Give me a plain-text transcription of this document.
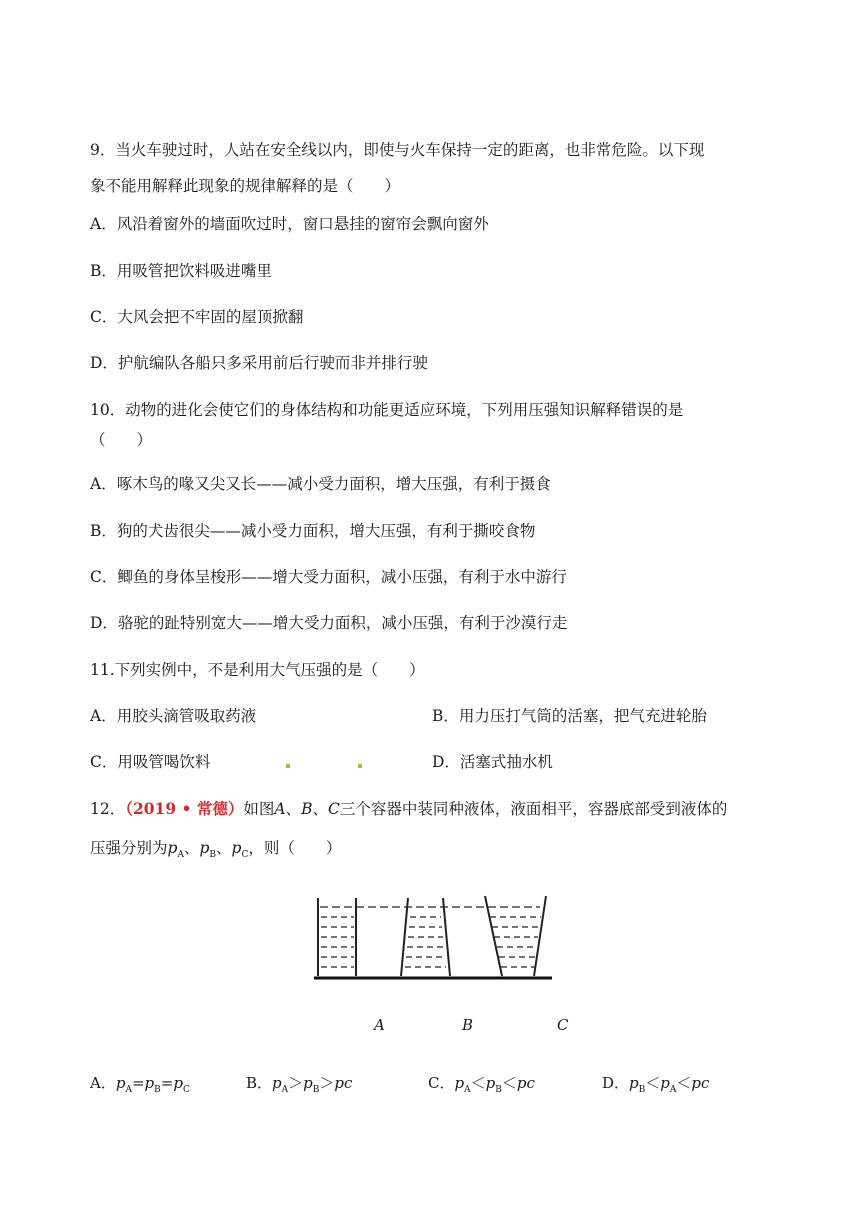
9．当火车驶过时，人站在安全线以内，即使与火车保持一定的距离，也非常危险。以下现
象不能用解释此现象的规律解释的是（　　）
A．风沿着窗外的墙面吹过时，窗口悬挂的窗帘会飘向窗外
B．用吸管把饮料吸进嘴里
C．大风会把不牢固的屋顶掀翻
D．护航编队各船只多采用前后行驶而非并排行驶
10．动物的进化会使它们的身体结构和功能更适应环境，下列用压强知识解释错误的是
（　　）
A．啄木鸟的喙又尖又长——减小受力面积，增大压强，有利于摄食
B．狗的犬齿很尖——减小受力面积，增大压强，有利于撕咬食物
C．鲫鱼的身体呈梭形——增大受力面积，减小压强，有利于水中游行
D．骆驼的趾特别宽大——增大受力面积，减小压强，有利于沙漠行走
11.下列实例中，不是利用大气压强的是（　　）
A．用胶头滴管吸取药液	B．用力压打气筒的活塞，把气充进轮胎
C．用吸管喝饮料	D．活塞式抽水机
12．（2019 • 常德）如图A、B、C三个容器中装同种液体，液面相平，容器底部受到液体的
压强分别为$p_A$、$p_B$、$p_C$，则（　　）
A	B	C
A．$p_A=p_B=p_C$	B．$p_A>p_B>pc$	C．$p_A<p_B<pc$	D．$p_B<p_A<pc$
